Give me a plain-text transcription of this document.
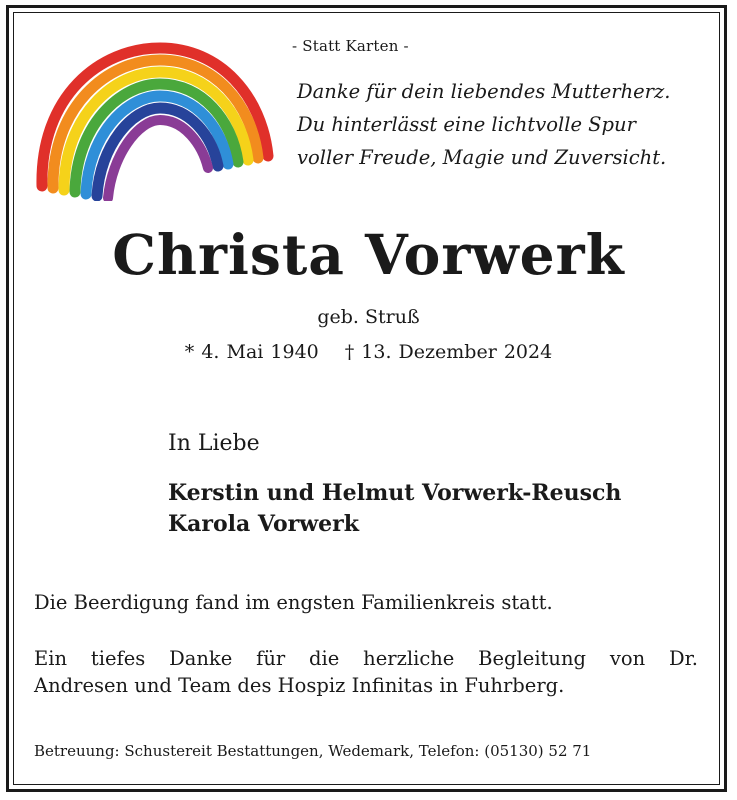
- Statt Karten -
Danke für dein liebendes Mutterherz.
Du hinterlässt eine lichtvolle Spur
voller Freude, Magie und Zuversicht.
Christa Vorwerk
geb. Struß
* 4. Mai 1940 † 13. Dezember 2024
In Liebe
Kerstin und Helmut Vorwerk-Reusch
Karola Vorwerk
Die Beerdigung fand im engsten Familienkreis statt.
Ein tiefes Danke für die herzliche Begleitung von Dr.
Andresen und Team des Hospiz Infinitas in Fuhrberg.
Betreuung: Schustereit Bestattungen, Wedemark, Telefon: (05130) 52 71
